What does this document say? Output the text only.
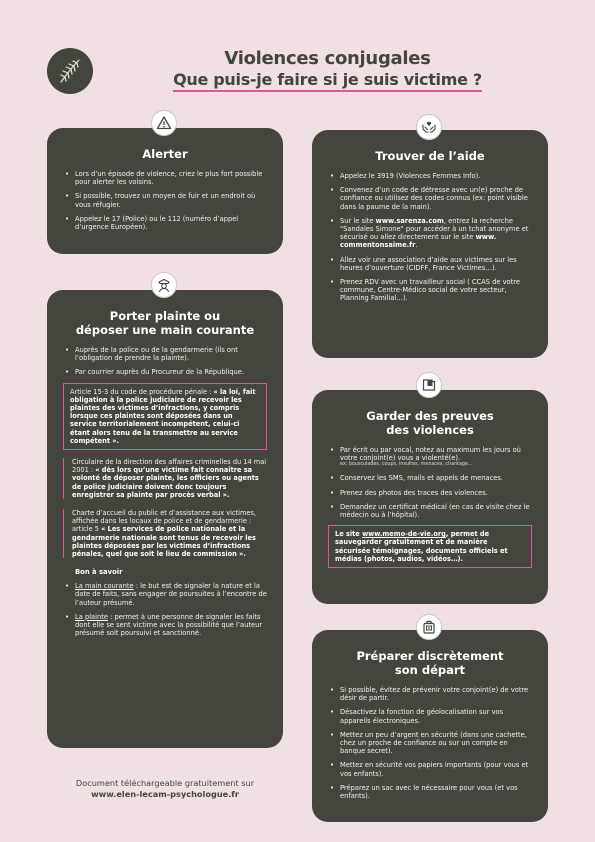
Violences conjugales
Que puis-je faire si je suis victime ?
Alerter
• Lors d’un épisode de violence, criez le plus fort possible pour alerter les voisins.
• Si possible, trouvez un moyen de fuir et un endroit où vous réfugier.
• Appelez le 17 (Police) ou le 112 (numéro d’appel d’urgence Européen).
Porter plainte ou
déposer une main courante
• Auprès de la police ou de la gendarmerie (ils ont l’obligation de prendre la plainte).
• Par courrier auprès du Procureur de la République.
Article 15-3 du code de procédure pénale : « la loi, fait obligation à la police judiciaire de recevoir les plaintes des victimes d’infractions, y compris lorsque ces plaintes sont déposées dans un service territorialement incompétent, celui-ci étant alors tenu de la transmettre au service compétent ».
Circulaire de la direction des affaires criminelles du 14 mai 2001 : « dès lors qu’une victime fait connaître sa volonté de déposer plainte, les officiers ou agents de police judiciaire doivent donc toujours enregistrer sa plainte par procès verbal ».
Charte d’accueil du public et d’assistance aux victimes, affichée dans les locaux de police et de gendarmerie : article 5 « Les services de police nationale et la gendarmerie nationale sont tenus de recevoir les plaintes déposées par les victimes d’infractions pénales, quel que soit le lieu de commission ».
Bon à savoir
• La main courante : le but est de signaler la nature et la date de faits, sans engager de poursuites à l’encontre de l’auteur présumé.
• La plainte : permet à une personne de signaler les faits dont elle se sent victime avec la possibilité que l’auteur présumé soit poursuivi et sanctionné.
Trouver de l’aide
• Appelez le 3919 (Violences Femmes Info).
• Convenez d’un code de détresse avec un(e) proche de confiance ou utilisez des codes connus (ex: point visible dans la paume de la main).
• Sur le site www.sarenza.com, entrez la recherche "Sandales Simone" pour accéder à un tchat anonyme et sécurisé ou allez directement sur le site www. commentonsaime.fr.
• Allez voir une association d’aide aux victimes sur les heures d’ouverture (CIDFF, France Victimes…).
• Prenez RDV avec un travailleur social ( CCAS de votre commune, Centre-Médico social de votre secteur, Planning Familial…).
Garder des preuves
des violences
• Par écrit ou par vocal, notez au maximum les jours où votre conjoint(e) vous a violenté(e).
ex: bousculades, coups, insultes, menaces, chantage…
• Conservez les SMS, mails et appels de menaces.
• Prenez des photos des traces des violences.
• Demandez un certificat médical (en cas de visite chez le médecin ou à l’hôpital).
Le site www.memo-de-vie.org, permet de sauvegarder gratuitement et de manière sécurisée témoignages, documents officiels et médias (photos, audios, vidéos…).
Préparer discrètement
son départ
• Si possible, évitez de prévenir votre conjoint(e) de votre désir de partir.
• Désactivez la fonction de géolocalisation sur vos appareils électroniques.
• Mettez un peu d’argent en sécurité (dans une cachette, chez un proche de confiance ou sur un compte en banque secret).
• Mettez en sécurité vos papiers importants (pour vous et vos enfants).
• Préparez un sac avec le nécessaire pour vous (et vos enfants).
Document téléchargeable gratuitement sur
www.elen-lecam-psychologue.fr
